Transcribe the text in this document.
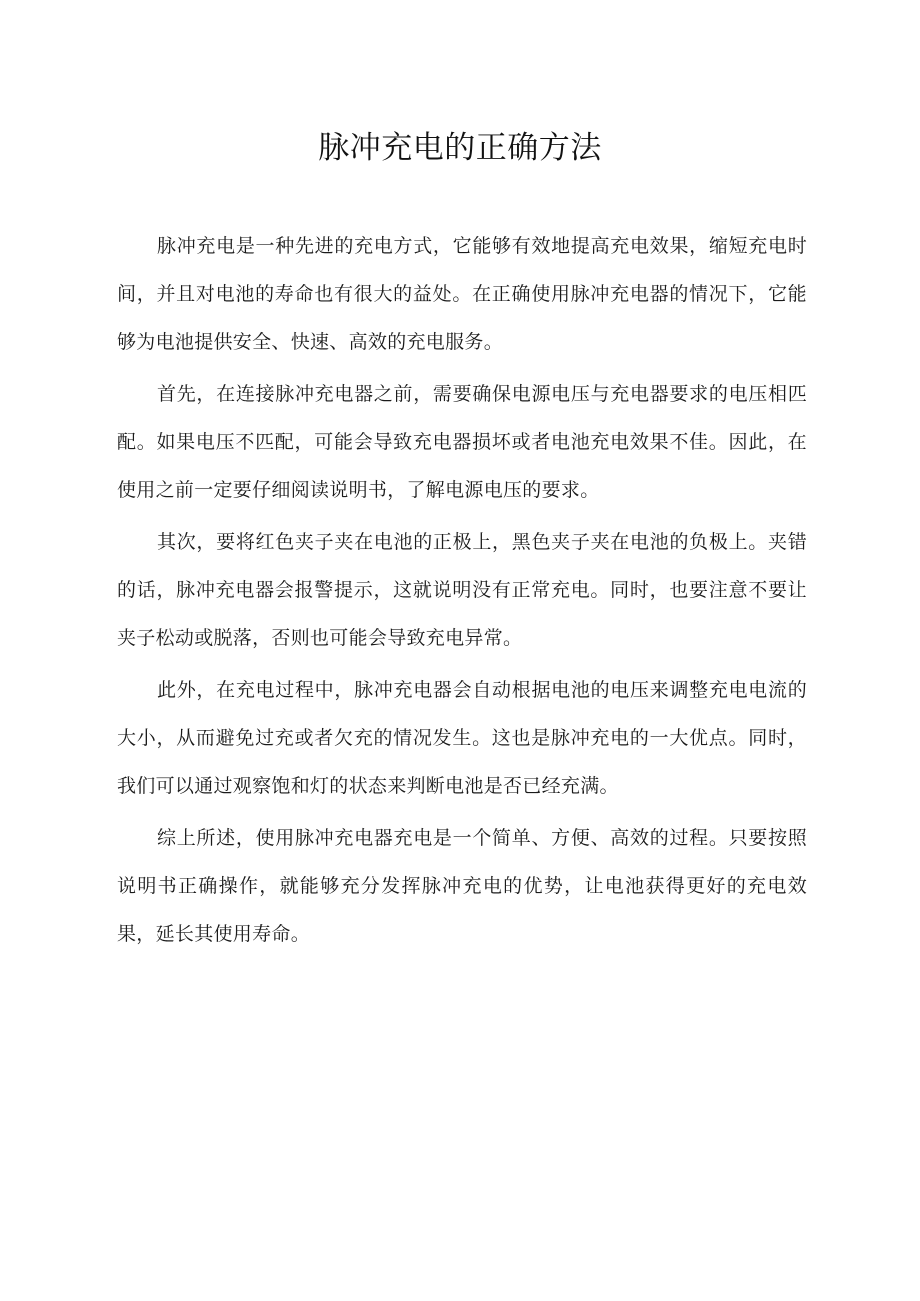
脉冲充电的正确方法

脉冲充电是一种先进的充电方式，它能够有效地提高充电效果，缩短充电时间，并且对电池的寿命也有很大的益处。在正确使用脉冲充电器的情况下，它能够为电池提供安全、快速、高效的充电服务。

首先，在连接脉冲充电器之前，需要确保电源电压与充电器要求的电压相匹配。如果电压不匹配，可能会导致充电器损坏或者电池充电效果不佳。因此，在使用之前一定要仔细阅读说明书，了解电源电压的要求。

其次，要将红色夹子夹在电池的正极上，黑色夹子夹在电池的负极上。夹错的话，脉冲充电器会报警提示，这就说明没有正常充电。同时，也要注意不要让夹子松动或脱落，否则也可能会导致充电异常。

此外，在充电过程中，脉冲充电器会自动根据电池的电压来调整充电电流的大小，从而避免过充或者欠充的情况发生。这也是脉冲充电的一大优点。同时，我们可以通过观察饱和灯的状态来判断电池是否已经充满。

综上所述，使用脉冲充电器充电是一个简单、方便、高效的过程。只要按照说明书正确操作，就能够充分发挥脉冲充电的优势，让电池获得更好的充电效果，延长其使用寿命。
